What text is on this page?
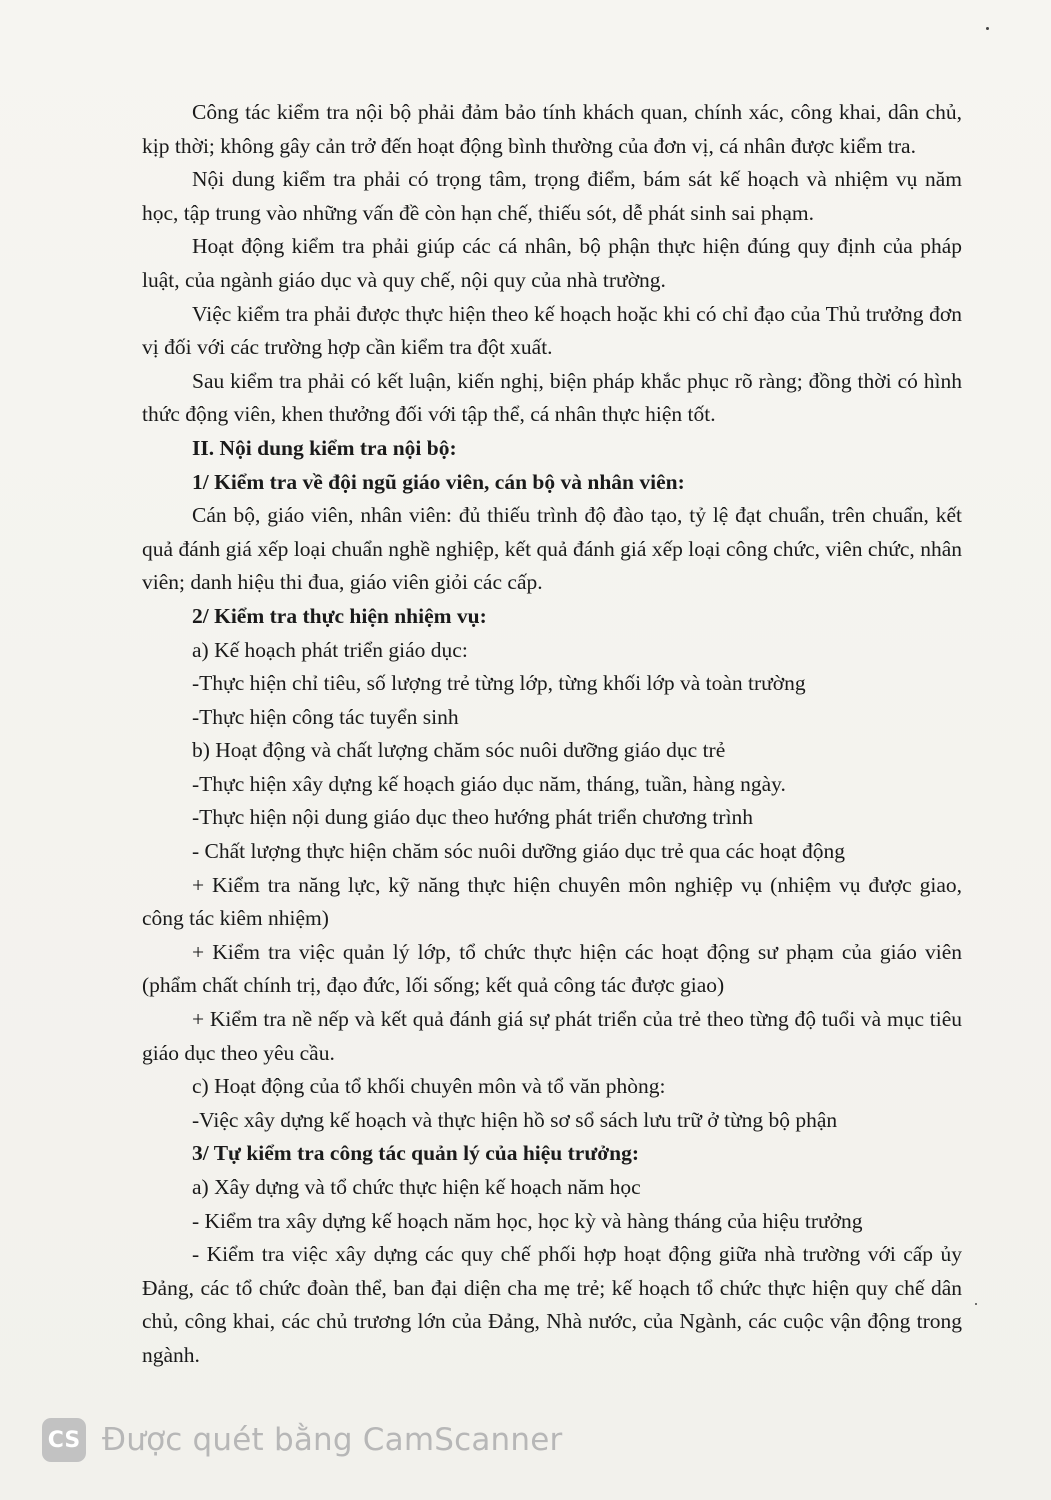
Công tác kiểm tra nội bộ phải đảm bảo tính khách quan, chính xác, công khai, dân chủ, kịp thời; không gây cản trở đến hoạt động bình thường của đơn vị, cá nhân được kiểm tra.

Nội dung kiểm tra phải có trọng tâm, trọng điểm, bám sát kế hoạch và nhiệm vụ năm học, tập trung vào những vấn đề còn hạn chế, thiếu sót, dễ phát sinh sai phạm.

Hoạt động kiểm tra phải giúp các cá nhân, bộ phận thực hiện đúng quy định của pháp luật, của ngành giáo dục và quy chế, nội quy của nhà trường.

Việc kiểm tra phải được thực hiện theo kế hoạch hoặc khi có chỉ đạo của Thủ trưởng đơn vị đối với các trường hợp cần kiểm tra đột xuất.

Sau kiểm tra phải có kết luận, kiến nghị, biện pháp khắc phục rõ ràng; đồng thời có hình thức động viên, khen thưởng đối với tập thể, cá nhân thực hiện tốt.

II. Nội dung kiểm tra nội bộ:

1/ Kiểm tra về đội ngũ giáo viên, cán bộ và nhân viên:

Cán bộ, giáo viên, nhân viên: đủ thiếu trình độ đào tạo, tỷ lệ đạt chuẩn, trên chuẩn, kết quả đánh giá xếp loại chuẩn nghề nghiệp, kết quả đánh giá xếp loại công chức, viên chức, nhân viên; danh hiệu thi đua, giáo viên giỏi các cấp.

2/ Kiểm tra thực hiện nhiệm vụ:

a) Kế hoạch phát triển giáo dục:

-Thực hiện chỉ tiêu, số lượng trẻ từng lớp, từng khối lớp và toàn trường

-Thực hiện công tác tuyển sinh

b) Hoạt động và chất lượng chăm sóc nuôi dưỡng giáo dục trẻ

-Thực hiện xây dựng kế hoạch giáo dục năm, tháng, tuần, hàng ngày.

-Thực hiện nội dung giáo dục theo hướng phát triển chương trình

- Chất lượng thực hiện chăm sóc nuôi dưỡng giáo dục trẻ qua các hoạt động

+ Kiểm tra năng lực, kỹ năng thực hiện chuyên môn nghiệp vụ (nhiệm vụ được giao, công tác kiêm nhiệm)

+ Kiểm tra việc quản lý lớp, tổ chức thực hiện các hoạt động sư phạm của giáo viên (phẩm chất chính trị, đạo đức, lối sống; kết quả công tác được giao)

+ Kiểm tra nề nếp và kết quả đánh giá sự phát triển của trẻ theo từng độ tuổi và mục tiêu giáo dục theo yêu cầu.

c) Hoạt động của tổ khối chuyên môn và tổ văn phòng:

-Việc xây dựng kế hoạch và thực hiện hồ sơ sổ sách lưu trữ ở từng bộ phận

3/ Tự kiểm tra công tác quản lý của hiệu trưởng:

a) Xây dựng và tổ chức thực hiện kế hoạch năm học

- Kiểm tra xây dựng kế hoạch năm học, học kỳ và hàng tháng của hiệu trưởng

- Kiểm tra việc xây dựng các quy chế phối hợp hoạt động giữa nhà trường với cấp ủy Đảng, các tổ chức đoàn thể, ban đại diện cha mẹ trẻ; kế hoạch tổ chức thực hiện quy chế dân chủ, công khai, các chủ trương lớn của Đảng, Nhà nước, của Ngành, các cuộc vận động trong ngành.

CS Được quét bằng CamScanner
